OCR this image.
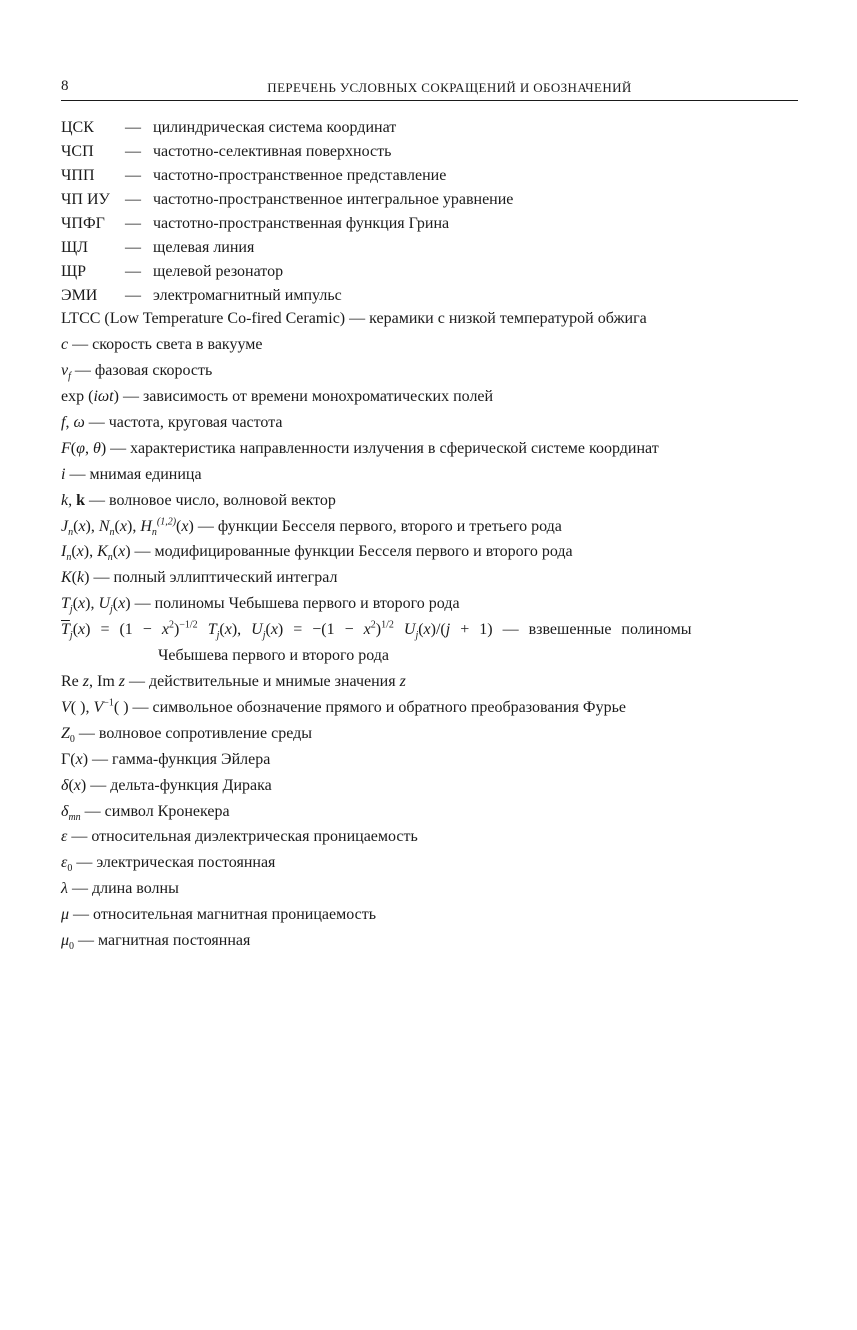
8	ПЕРЕЧЕНЬ УСЛОВНЫХ СОКРАЩЕНИЙ И ОБОЗНАЧЕНИЙ
ЦСК — цилиндрическая система координат
ЧСП — частотно-селективная поверхность
ЧПП — частотно-пространственное представление
ЧП ИУ — частотно-пространственное интегральное уравнение
ЧПФГ — частотно-пространственная функция Грина
ЩЛ — щелевая линия
ЩР — щелевой резонатор
ЭМИ — электромагнитный импульс
LTCC (Low Temperature Co-fired Ceramic) — керамики с низкой температурой обжига
c — скорость света в вакууме
$v_f$ — фазовая скорость
exp (iωt) — зависимость от времени монохроматических полей
f, ω — частота, круговая частота
F(φ, θ) — характеристика направленности излучения в сферической системе координат
i — мнимая единица
k, k — волновое число, волновой вектор
$J_n(x)$, $N_n(x)$, $H_n^{(1,2)}(x)$ — функции Бесселя первого, второго и третьего рода
$I_n(x)$, $K_n(x)$ — модифицированные функции Бесселя первого и второго рода
K(k) — полный эллиптический интеграл
$T_j(x)$, $U_j(x)$ — полиномы Чебышева первого и второго рода
$\overline{T}_j(x) = (1 - x^2)^{-1/2}$ $T_j(x)$, $U_j(x) = -(1 - x^2)^{1/2}$ $U_j(x)/(j + 1)$ — взвешенные полиномы
Чебышева первого и второго рода
Re z, Im z — действительные и мнимые значения z
V( ), $V^{-1}$( ) — символьное обозначение прямого и обратного преобразования Фурье
$Z_0$ — волновое сопротивление среды
Γ(x) — гамма-функция Эйлера
δ(x) — дельта-функция Дирака
$\delta_{mn}$ — символ Кронекера
ε — относительная диэлектрическая проницаемость
$\varepsilon_0$ — электрическая постоянная
λ — длина волны
μ — относительная магнитная проницаемость
$\mu_0$ — магнитная постоянная
